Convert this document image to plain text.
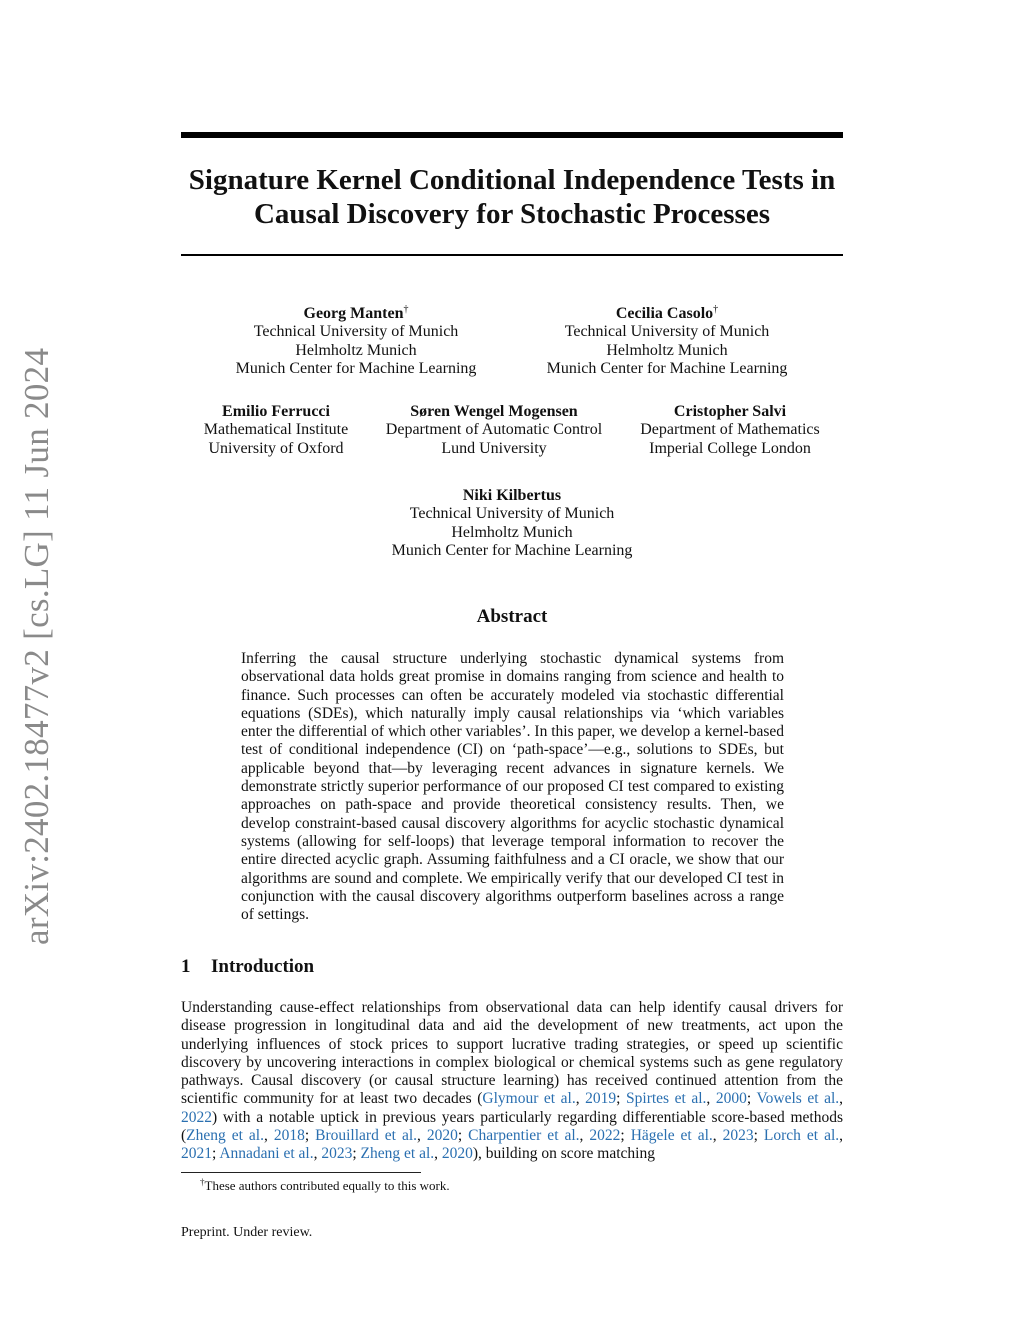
arXiv:2402.18477v2 [cs.LG] 11 Jun 2024
Signature Kernel Conditional Independence Tests in
Causal Discovery for Stochastic Processes
Georg Manten†
Technical University of Munich
Helmholtz Munich
Munich Center for Machine Learning
Cecilia Casolo†
Technical University of Munich
Helmholtz Munich
Munich Center for Machine Learning
Emilio Ferrucci
Mathematical Institute
University of Oxford
Søren Wengel Mogensen
Department of Automatic Control
Lund University
Cristopher Salvi
Department of Mathematics
Imperial College London
Niki Kilbertus
Technical University of Munich
Helmholtz Munich
Munich Center for Machine Learning
Abstract

Inferring the causal structure underlying stochastic dynamical systems from observational data holds great promise in domains ranging from science and health to finance. Such processes can often be accurately modeled via stochastic differential equations (SDEs), which naturally imply causal relationships via ‘which variables enter the differential of which other variables’. In this paper, we develop a kernel-based test of conditional independence (CI) on ‘path-space’—e.g., solutions to SDEs, but applicable beyond that—by leveraging recent advances in signature kernels. We demonstrate strictly superior performance of our proposed CI test compared to existing approaches on path-space and provide theoretical consistency results. Then, we develop constraint-based causal discovery algorithms for acyclic stochastic dynamical systems (allowing for self-loops) that leverage temporal information to recover the entire directed acyclic graph. Assuming faithfulness and a CI oracle, we show that our algorithms are sound and complete. We empirically verify that our developed CI test in conjunction with the causal discovery algorithms outperform baselines across a range of settings.

1 Introduction

Understanding cause-effect relationships from observational data can help identify causal drivers for disease progression in longitudinal data and aid the development of new treatments, act upon the underlying influences of stock prices to support lucrative trading strategies, or speed up scientific discovery by uncovering interactions in complex biological or chemical systems such as gene regulatory pathways. Causal discovery (or causal structure learning) has received continued attention from the scientific community for at least two decades (Glymour et al., 2019; Spirtes et al., 2000; Vowels et al., 2022) with a notable uptick in previous years particularly regarding differentiable score-based methods (Zheng et al., 2018; Brouillard et al., 2020; Charpentier et al., 2022; Hägele et al., 2023; Lorch et al., 2021; Annadani et al., 2023; Zheng et al., 2020), building on score matching

†These authors contributed equally to this work.

Preprint. Under review.
